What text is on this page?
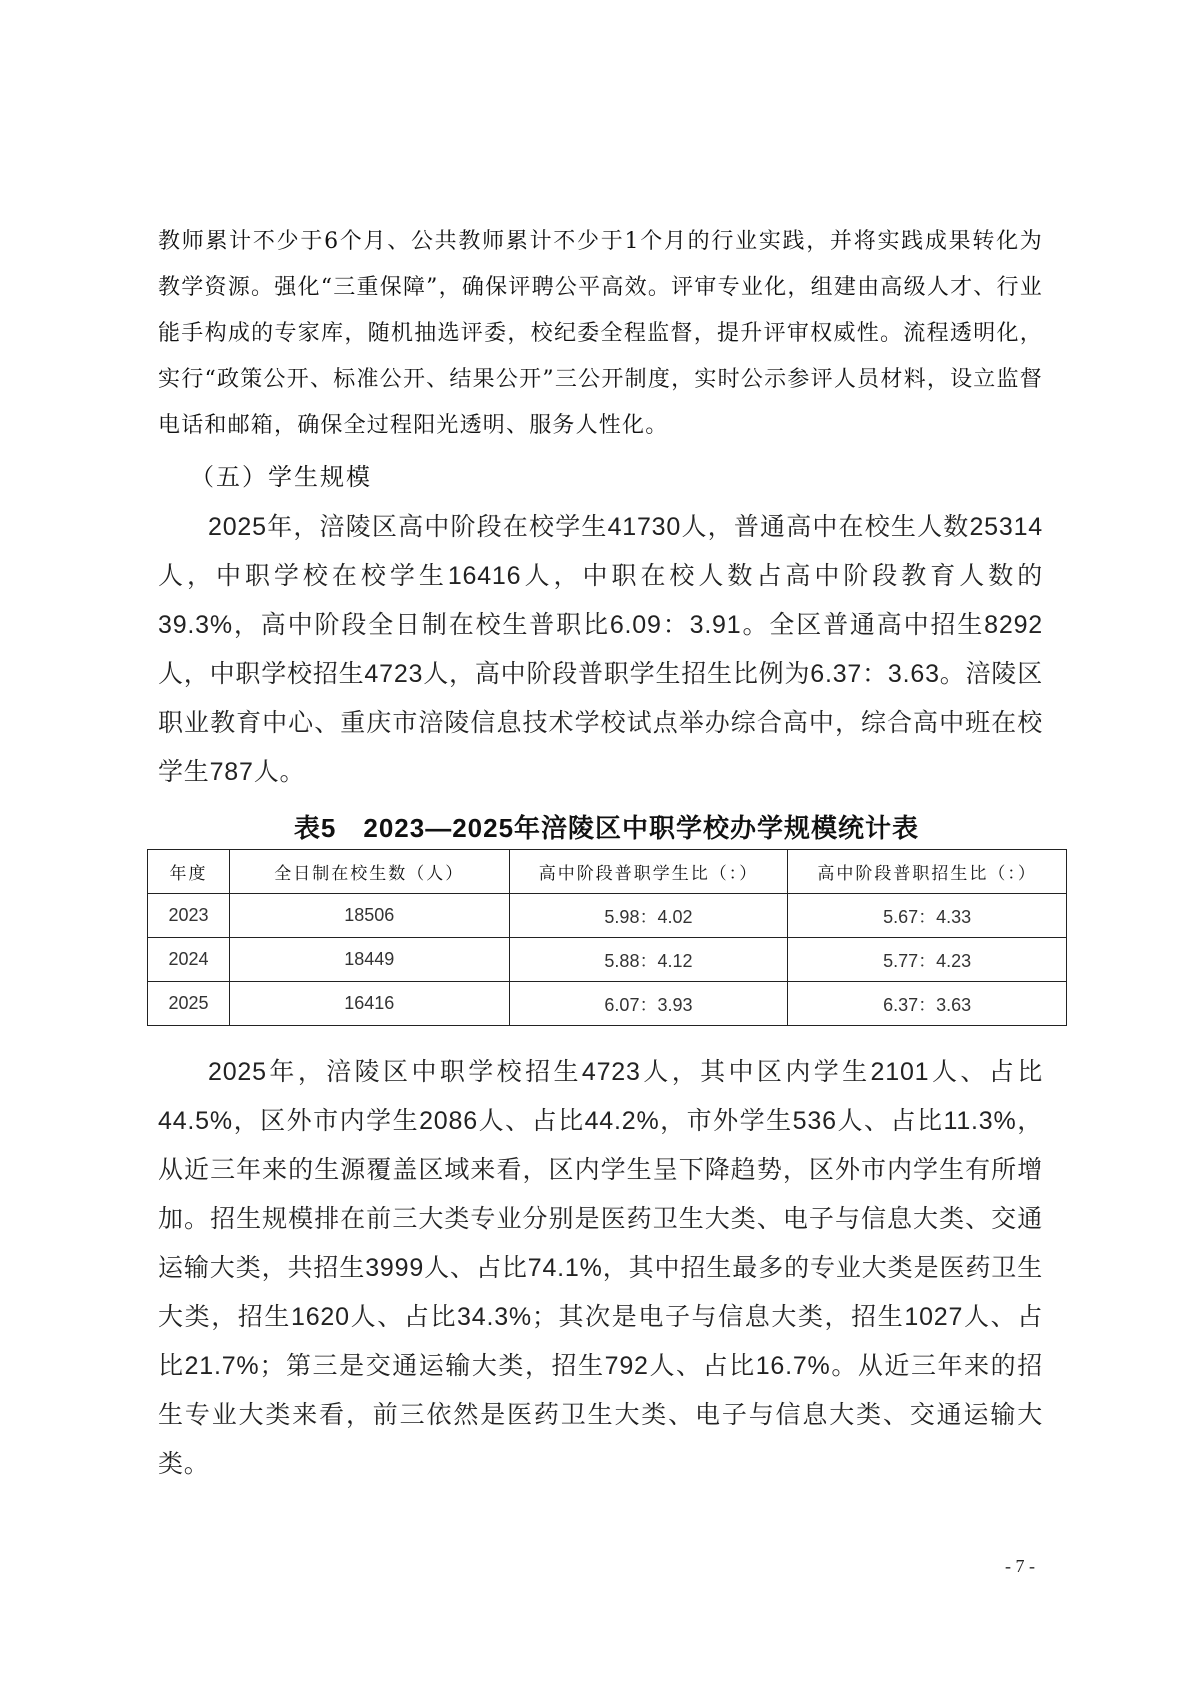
教师累计不少于6个月、公共教师累计不少于1个月的行业实践，并将实践成果转化为教学资源。强化“三重保障”，确保评聘公平高效。评审专业化，组建由高级人才、行业能手构成的专家库，随机抽选评委，校纪委全程监督，提升评审权威性。流程透明化，实行“政策公开、标准公开、结果公开”三公开制度，实时公示参评人员材料，设立监督电话和邮箱，确保全过程阳光透明、服务人性化。

（五）学生规模

2025年，涪陵区高中阶段在校学生41730人，普通高中在校生人数25314人，中职学校在校学生16416人，中职在校人数占高中阶段教育人数的 39.3%，高中阶段全日制在校生普职比6.09：3.91。全区普通高中招生8292人，中职学校招生4723人，高中阶段普职学生招生比例为6.37：3.63。涪陵区职业教育中心、重庆市涪陵信息技术学校试点举办综合高中，综合高中班在校学生787人。

表5　2023—2025年涪陵区中职学校办学规模统计表
年度	全日制在校生数（人）	高中阶段普职学生比（：）	高中阶段普职招生比（：）
2023	18506	5.98：4.02	5.67：4.33
2024	18449	5.88：4.12	5.77：4.23
2025	16416	6.07：3.93	6.37：3.63

2025年，涪陵区中职学校招生4723人，其中区内学生2101人、占比44.5%，区外市内学生2086人、占比44.2%，市外学生536人、占比11.3%，从近三年来的生源覆盖区域来看，区内学生呈下降趋势，区外市内学生有所增加。招生规模排在前三大类专业分别是医药卫生大类、电子与信息大类、交通运输大类，共招生3999人、占比74.1%，其中招生最多的专业大类是医药卫生大类，招生1620人、占比34.3%；其次是电子与信息大类，招生1027人、占比21.7%；第三是交通运输大类，招生792人、占比16.7%。从近三年来的招生专业大类来看，前三依然是医药卫生大类、电子与信息大类、交通运输大类。

- 7 -
